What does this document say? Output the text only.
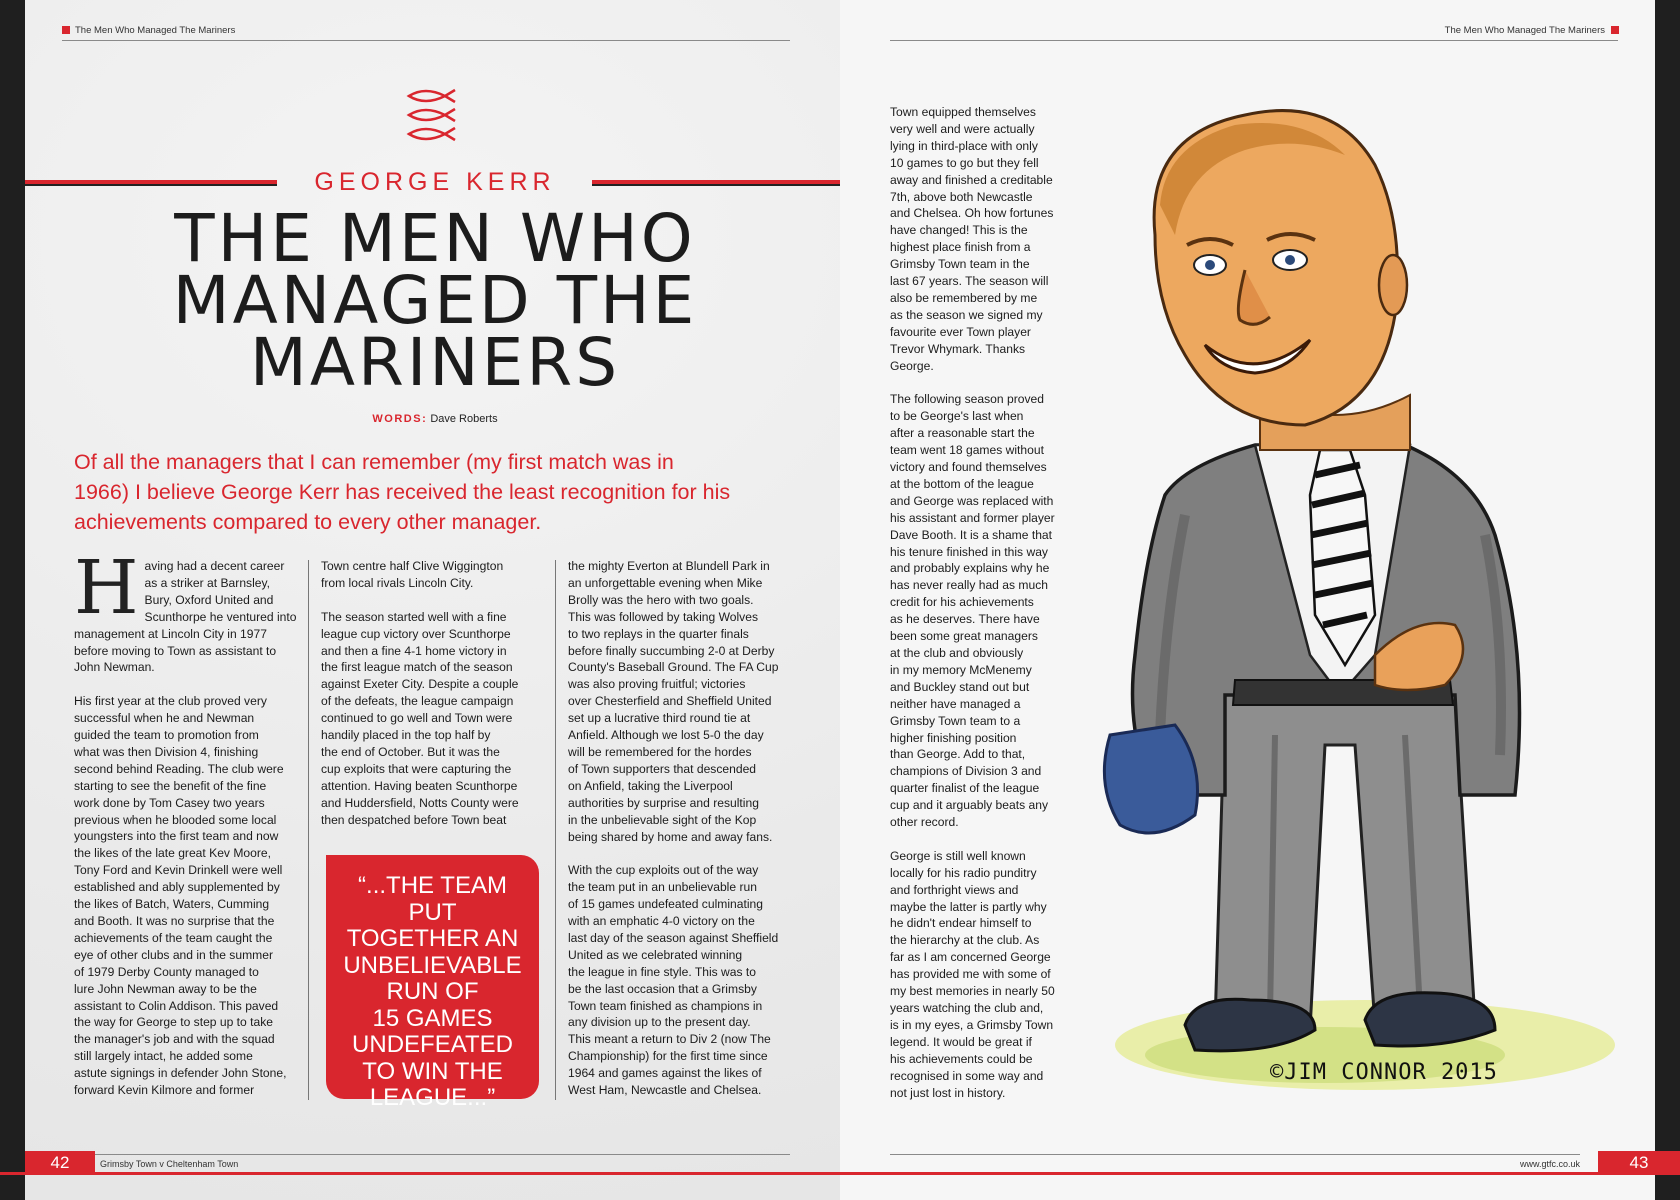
The Men Who Managed The Mariners	The Men Who Managed The Mariners
GEORGE KERR
THE MEN WHO
MANAGED THE
MARINERS
WORDS: Dave Roberts
Of all the managers that I can remember (my first match was in
1966) I believe George Kerr has received the least recognition for his
achievements compared to every other manager.
H aving had a decent career
as a striker at Barnsley,
Bury, Oxford United and
Scunthorpe he ventured into

management at Lincoln City in 1977
before moving to Town as assistant to
John Newman.

His first year at the club proved very
successful when he and Newman
guided the team to promotion from
what was then Division 4, finishing
second behind Reading. The club were
starting to see the benefit of the fine
work done by Tom Casey two years
previous when he blooded some local
youngsters into the first team and now
the likes of the late great Kev Moore,
Tony Ford and Kevin Drinkell were well
established and ably supplemented by
the likes of Batch, Waters, Cumming
and Booth. It was no surprise that the
achievements of the team caught the
eye of other clubs and in the summer
of 1979 Derby County managed to
lure John Newman away to be the
assistant to Colin Addison. This paved
the way for George to step up to take
the manager's job and with the squad
still largely intact, he added some
astute signings in defender John Stone,
forward Kevin Kilmore and former

Town centre half Clive Wiggington
from local rivals Lincoln City.

The season started well with a fine
league cup victory over Scunthorpe
and then a fine 4-1 home victory in
the first league match of the season
against Exeter City. Despite a couple
of the defeats, the league campaign
continued to go well and Town were
handily placed in the top half by
the end of October. But it was the
cup exploits that were capturing the
attention. Having beaten Scunthorpe
and Huddersfield, Notts County were
then despatched before Town beat

“...THE TEAM PUT
TOGETHER AN
UNBELIEVABLE
RUN OF
15 GAMES
UNDEFEATED
TO WIN THE
LEAGUE...”

the mighty Everton at Blundell Park in
an unforgettable evening when Mike
Brolly was the hero with two goals.
This was followed by taking Wolves
to two replays in the quarter finals
before finally succumbing 2-0 at Derby
County's Baseball Ground. The FA Cup
was also proving fruitful; victories
over Chesterfield and Sheffield United
set up a lucrative third round tie at
Anfield. Although we lost 5-0 the day
will be remembered for the hordes
of Town supporters that descended
on Anfield, taking the Liverpool
authorities by surprise and resulting
in the unbelievable sight of the Kop
being shared by home and away fans.

With the cup exploits out of the way
the team put in an unbelievable run
of 15 games undefeated culminating
with an emphatic 4-0 victory on the
last day of the season against Sheffield
United as we celebrated winning
the league in fine style. This was to
be the last occasion that a Grimsby
Town team finished as champions in
any division up to the present day.
This meant a return to Div 2 (now The
Championship) for the first time since
1964 and games against the likes of
West Ham, Newcastle and Chelsea.

Town equipped themselves
very well and were actually
lying in third-place with only
10 games to go but they fell
away and finished a creditable
7th, above both Newcastle
and Chelsea. Oh how fortunes
have changed! This is the
highest place finish from a
Grimsby Town team in the
last 67 years. The season will
also be remembered by me
as the season we signed my
favourite ever Town player
Trevor Whymark. Thanks
George.

The following season proved
to be George's last when
after a reasonable start the
team went 18 games without
victory and found themselves
at the bottom of the league
and George was replaced with
his assistant and former player
Dave Booth. It is a shame that
his tenure finished in this way
and probably explains why he
has never really had as much
credit for his achievements
as he deserves. There have
been some great managers
at the club and obviously
in my memory McMenemy
and Buckley stand out but
neither have managed a
Grimsby Town team to a
higher finishing position
than George. Add to that,
champions of Division 3 and
quarter finalist of the league
cup and it arguably beats any
other record.

George is still well known
locally for his radio punditry
and forthright views and
maybe the latter is partly why
he didn't endear himself to
the hierarchy at the club. As
far as I am concerned George
has provided me with some of
my best memories in nearly 50
years watching the club and,
is in my eyes, a Grimsby Town
legend. It would be great if
his achievements could be
recognised in some way and
not just lost in history.

©JIM CONNOR 2015
42	Grimsby Town v Cheltenham Town	www.gtfc.co.uk	43
